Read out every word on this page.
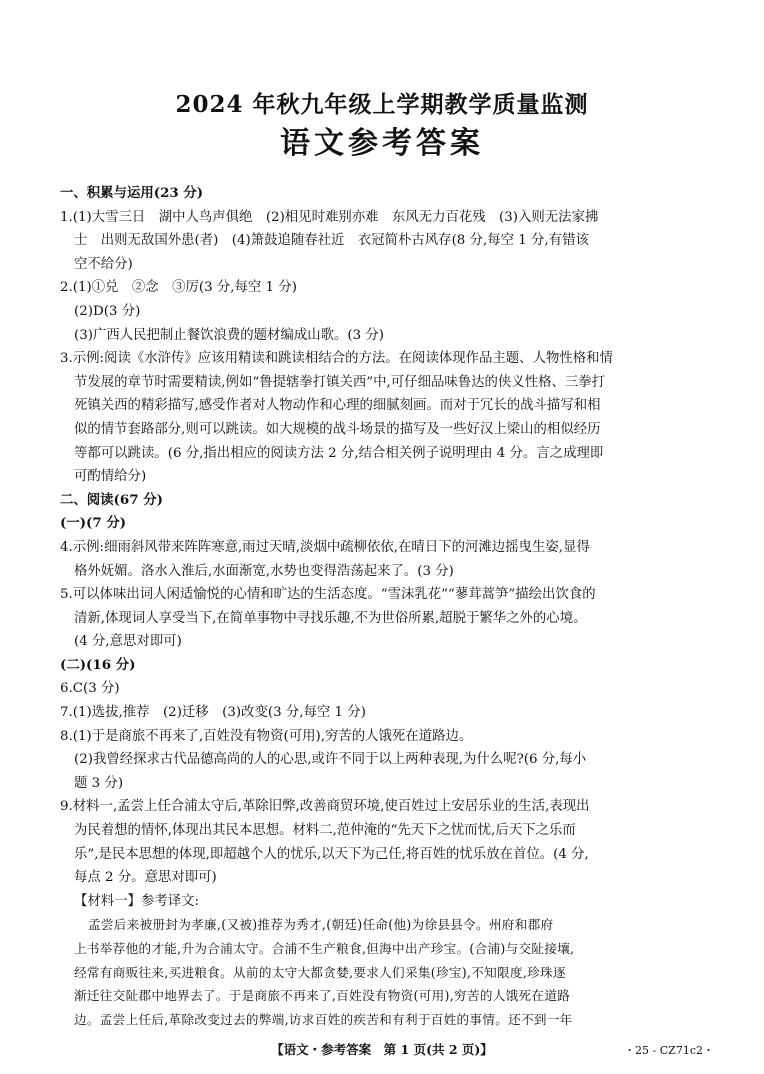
2024 年秋九年级上学期教学质量监测
语文参考答案
一、积累与运用(23 分)
1.(1)大雪三日　湖中人鸟声俱绝　(2)相见时难别亦难　东风无力百花残　(3)入则无法家拂
士　出则无敌国外患(者)　(4)箫鼓追随春社近　衣冠简朴古风存(8 分,每空 1 分,有错该
空不给分)
2.(1)①兑　②念　③厉(3 分,每空 1 分)
(2)D(3 分)
(3)广西人民把制止餐饮浪费的题材编成山歌。(3 分)
3.示例:阅读《水浒传》应该用精读和跳读相结合的方法。在阅读体现作品主题、人物性格和情
节发展的章节时需要精读,例如“鲁提辖拳打镇关西”中,可仔细品味鲁达的侠义性格、三拳打
死镇关西的精彩描写,感受作者对人物动作和心理的细腻刻画。而对于冗长的战斗描写和相
似的情节套路部分,则可以跳读。如大规模的战斗场景的描写及一些好汉上梁山的相似经历
等都可以跳读。(6 分,指出相应的阅读方法 2 分,结合相关例子说明理由 4 分。言之成理即
可酌情给分)
二、阅读(67 分)
(一)(7 分)
4.示例:细雨斜风带来阵阵寒意,雨过天晴,淡烟中疏柳依依,在晴日下的河滩边摇曳生姿,显得
格外妩媚。洛水入淮后,水面渐宽,水势也变得浩荡起来了。(3 分)
5.可以体味出词人闲适愉悦的心情和旷达的生活态度。“雪沫乳花”“蓼茸蒿笋”描绘出饮食的
清新,体现词人享受当下,在简单事物中寻找乐趣,不为世俗所累,超脱于繁华之外的心境。
(4 分,意思对即可)
(二)(16 分)
6.C(3 分)
7.(1)选拔,推荐　(2)迁移　(3)改变(3 分,每空 1 分)
8.(1)于是商旅不再来了,百姓没有物资(可用),穷苦的人饿死在道路边。
(2)我曾经探求古代品德高尚的人的心思,或许不同于以上两种表现,为什么呢?(6 分,每小
题 3 分)
9.材料一,孟尝上任合浦太守后,革除旧弊,改善商贸环境,使百姓过上安居乐业的生活,表现出
为民着想的情怀,体现出其民本思想。材料二,范仲淹的“先天下之忧而忧,后天下之乐而
乐”,是民本思想的体现,即超越个人的忧乐,以天下为己任,将百姓的忧乐放在首位。(4 分,
每点 2 分。意思对即可)
【材料一】参考译文:
孟尝后来被册封为孝廉,(又被)推荐为秀才,(朝廷)任命(他)为徐县县令。州府和郡府
上书举荐他的才能,升为合浦太守。合浦不生产粮食,但海中出产珍宝。(合浦)与交阯接壤,
经常有商贩往来,买进粮食。从前的太守大都贪婪,要求人们采集(珍宝),不知限度,珍珠逐
渐迁往交阯郡中地界去了。于是商旅不再来了,百姓没有物资(可用),穷苦的人饿死在道路
边。孟尝上任后,革除改变过去的弊端,访求百姓的疾苦和有利于百姓的事情。还不到一年
【语文・参考答案　第 1 页(共 2 页)】	・25 - CZ71c2・
